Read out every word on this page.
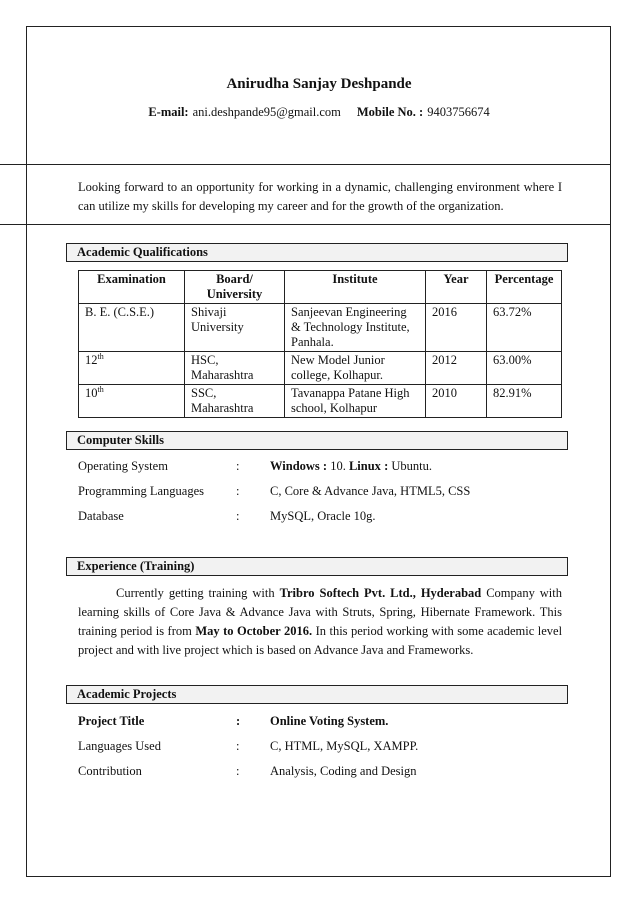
Anirudha Sanjay Deshpande
E-mail: ani.deshpande95@gmail.com Mobile No. : 9403756674
Looking forward to an opportunity for working in a dynamic, challenging environment where I can utilize my skills for developing my career and for the growth of the organization.
Academic Qualifications
Examination	Board/ University	Institute	Year	Percentage
B. E. (C.S.E.)	Shivaji University	Sanjeevan Engineering & Technology Institute, Panhala.	2016	63.72%
12th	HSC, Maharashtra	New Model Junior college, Kolhapur.	2012	63.00%
10th	SSC, Maharashtra	Tavanappa Patane High school, Kolhapur	2010	82.91%
Computer Skills
Operating System	: Windows : 10. Linux : Ubuntu.
Programming Languages	: C, Core & Advance Java, HTML5, CSS
Database	: MySQL, Oracle 10g.
Experience (Training)
Currently getting training with Tribro Softech Pvt. Ltd., Hyderabad Company with learning skills of Core Java & Advance Java with Struts, Spring, Hibernate Framework. This training period is from May to October 2016. In this period working with some academic level project and with live project which is based on Advance Java and Frameworks.
Academic Projects
Project Title	: Online Voting System.
Languages Used	: C, HTML, MySQL, XAMPP.
Contribution	: Analysis, Coding and Design
